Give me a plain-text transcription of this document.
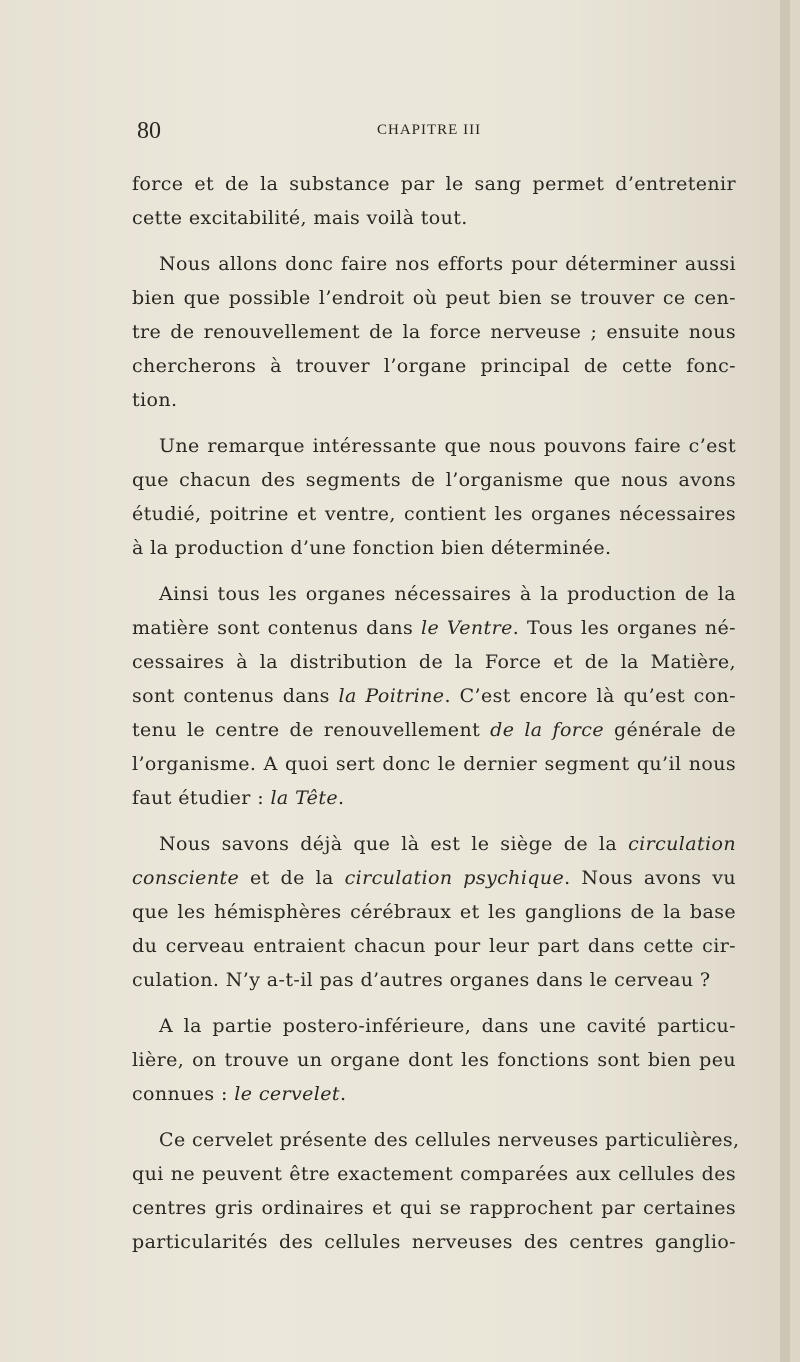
80	CHAPITRE III
force et de la substance par le sang permet d’entretenir
cette excitabilité, mais voilà tout.
Nous allons donc faire nos efforts pour déterminer aussi
bien que possible l’endroit où peut bien se trouver ce cen-
tre de renouvellement de la force nerveuse ; ensuite nous
chercherons à trouver l’organe principal de cette fonc-
tion.
Une remarque intéressante que nous pouvons faire c’est
que chacun des segments de l’organisme que nous avons
étudié, poitrine et ventre, contient les organes nécessaires
à la production d’une fonction bien déterminée.
Ainsi tous les organes nécessaires à la production de la
matière sont contenus dans le Ventre. Tous les organes né-
cessaires à la distribution de la Force et de la Matière,
sont contenus dans la Poitrine. C’est encore là qu’est con-
tenu le centre de renouvellement de la force générale de
l’organisme. A quoi sert donc le dernier segment qu’il nous
faut étudier : la Tête.
Nous savons déjà que là est le siège de la circulation
consciente et de la circulation psychique. Nous avons vu
que les hémisphères cérébraux et les ganglions de la base
du cerveau entraient chacun pour leur part dans cette cir-
culation. N’y a-t-il pas d’autres organes dans le cerveau ?
A la partie postero-inférieure, dans une cavité particu-
lière, on trouve un organe dont les fonctions sont bien peu
connues : le cervelet.
Ce cervelet présente des cellules nerveuses particulières,
qui ne peuvent être exactement comparées aux cellules des
centres gris ordinaires et qui se rapprochent par certaines
particularités des cellules nerveuses des centres ganglio-
